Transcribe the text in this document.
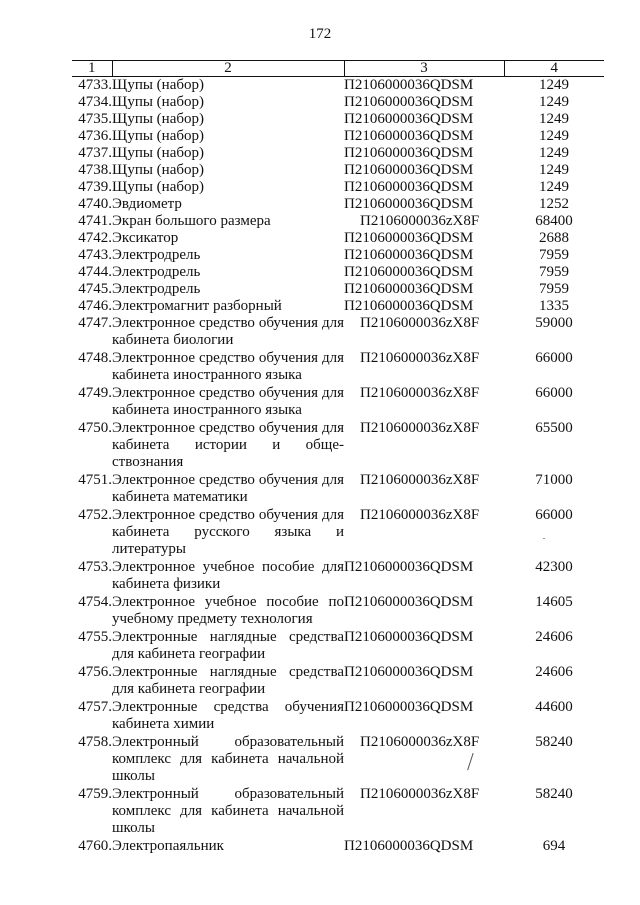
172
1	2	3	4
4733.	Щупы (набор)	П2106000036QDSM	1249
4734.	Щупы (набор)	П2106000036QDSM	1249
4735.	Щупы (набор)	П2106000036QDSM	1249
4736.	Щупы (набор)	П2106000036QDSM	1249
4737.	Щупы (набор)	П2106000036QDSM	1249
4738.	Щупы (набор)	П2106000036QDSM	1249
4739.	Щупы (набор)	П2106000036QDSM	1249
4740.	Эвдиометр	П2106000036QDSM	1252
4741.	Экран большого размера	П2106000036zX8F	68400
4742.	Эксикатор	П2106000036QDSM	2688
4743.	Электродрель	П2106000036QDSM	7959
4744.	Электродрель	П2106000036QDSM	7959
4745.	Электродрель	П2106000036QDSM	7959
4746.	Электромагнит разборный	П2106000036QDSM	1335
4747.	Электронное средство обучения для кабинета биологии	П2106000036zX8F	59000
4748.	Электронное средство обучения для кабинета иностранного языка	П2106000036zX8F	66000
4749.	Электронное средство обучения для кабинета иностранного языка	П2106000036zX8F	66000
4750.	Электронное средство обучения для кабинета истории и обще-ствознания	П2106000036zX8F	65500
4751.	Электронное средство обучения для кабинета математики	П2106000036zX8F	71000
4752.	Электронное средство обучения для кабинета русского языка и литературы	П2106000036zX8F	66000
4753.	Электронное учебное пособие для кабинета физики	П2106000036QDSM	42300
4754.	Электронное учебное пособие по учебному предмету технология	П2106000036QDSM	14605
4755.	Электронные наглядные средства для кабинета географии	П2106000036QDSM	24606
4756.	Электронные наглядные средства для кабинета географии	П2106000036QDSM	24606
4757.	Электронные средства обучения кабинета химии	П2106000036QDSM	44600
4758.	Электронный образовательный комплекс для кабинета начальной школы	П2106000036zX8F	58240
4759.	Электронный образовательный комплекс для кабинета начальной школы	П2106000036zX8F	58240
4760.	Электропаяльник	П2106000036QDSM	694
